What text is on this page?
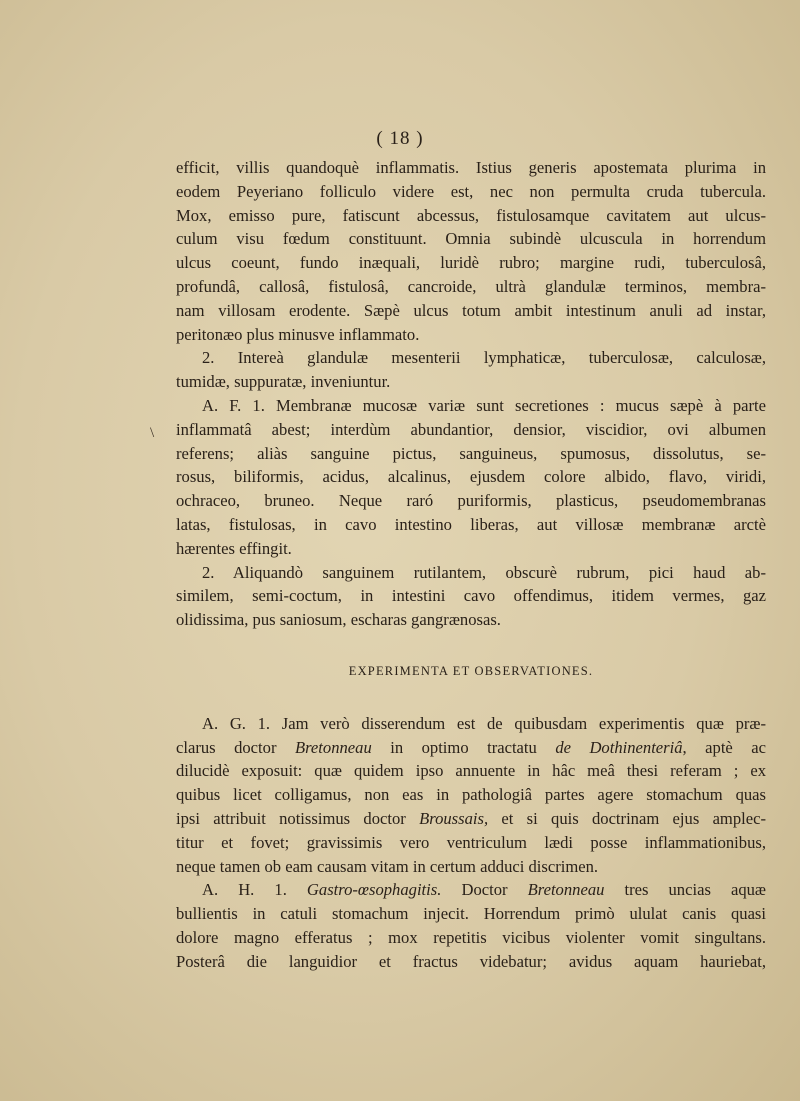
( 18 )
\
efficit, villis quandoquè inflammatis. Istius generis apostemata plurima in
eodem Peyeriano folliculo videre est, nec non permulta cruda tubercula.
Mox, emisso pure, fatiscunt abcessus, fistulosamque cavitatem aut ulcus-
culum visu fœdum constituunt. Omnia subindè ulcuscula in horrendum
ulcus coeunt, fundo inæquali, luridè rubro; margine rudi, tuberculosâ,
profundâ, callosâ, fistulosâ, cancroide, ultrà glandulæ terminos, membra-
nam villosam erodente. Sæpè ulcus totum ambit intestinum anuli ad instar,
peritonæo plus minusve inflammato.
2. Intereà glandulæ mesenterii lymphaticæ, tuberculosæ, calculosæ,
tumidæ, suppuratæ, inveniuntur.
A. F. 1. Membranæ mucosæ variæ sunt secretiones : mucus sæpè à parte
inflammatâ abest; interdùm abundantior, densior, viscidior, ovi albumen
referens; aliàs sanguine pictus, sanguineus, spumosus, dissolutus, se-
rosus, biliformis, acidus, alcalinus, ejusdem colore albido, flavo, viridi,
ochraceo, bruneo. Neque raró puriformis, plasticus, pseudomembranas
latas, fistulosas, in cavo intestino liberas, aut villosæ membranæ arctè
hærentes effingit.
2. Aliquandò sanguinem rutilantem, obscurè rubrum, pici haud ab-
similem, semi-coctum, in intestini cavo offendimus, itidem vermes, gaz
olidissima, pus saniosum, escharas gangrænosas.
EXPERIMENTA ET OBSERVATIONES.
A. G. 1. Jam verò disserendum est de quibusdam experimentis quæ præ-
clarus doctor Bretonneau in optimo tractatu de Dothinenteriâ, aptè ac
dilucidè exposuit: quæ quidem ipso annuente in hâc meâ thesi referam ; ex
quibus licet colligamus, non eas in pathologiâ partes agere stomachum quas
ipsi attribuit notissimus doctor Broussais, et si quis doctrinam ejus amplec-
titur et fovet; gravissimis vero ventriculum lædi posse inflammationibus,
neque tamen ob eam causam vitam in certum adduci discrimen.
A. H. 1. Gastro-œsophagitis. Doctor Bretonneau tres uncias aquæ
bullientis in catuli stomachum injecit. Horrendum primò ululat canis quasi
dolore magno efferatus ; mox repetitis vicibus violenter vomit singultans.
Posterâ die languidior et fractus videbatur; avidus aquam hauriebat,
